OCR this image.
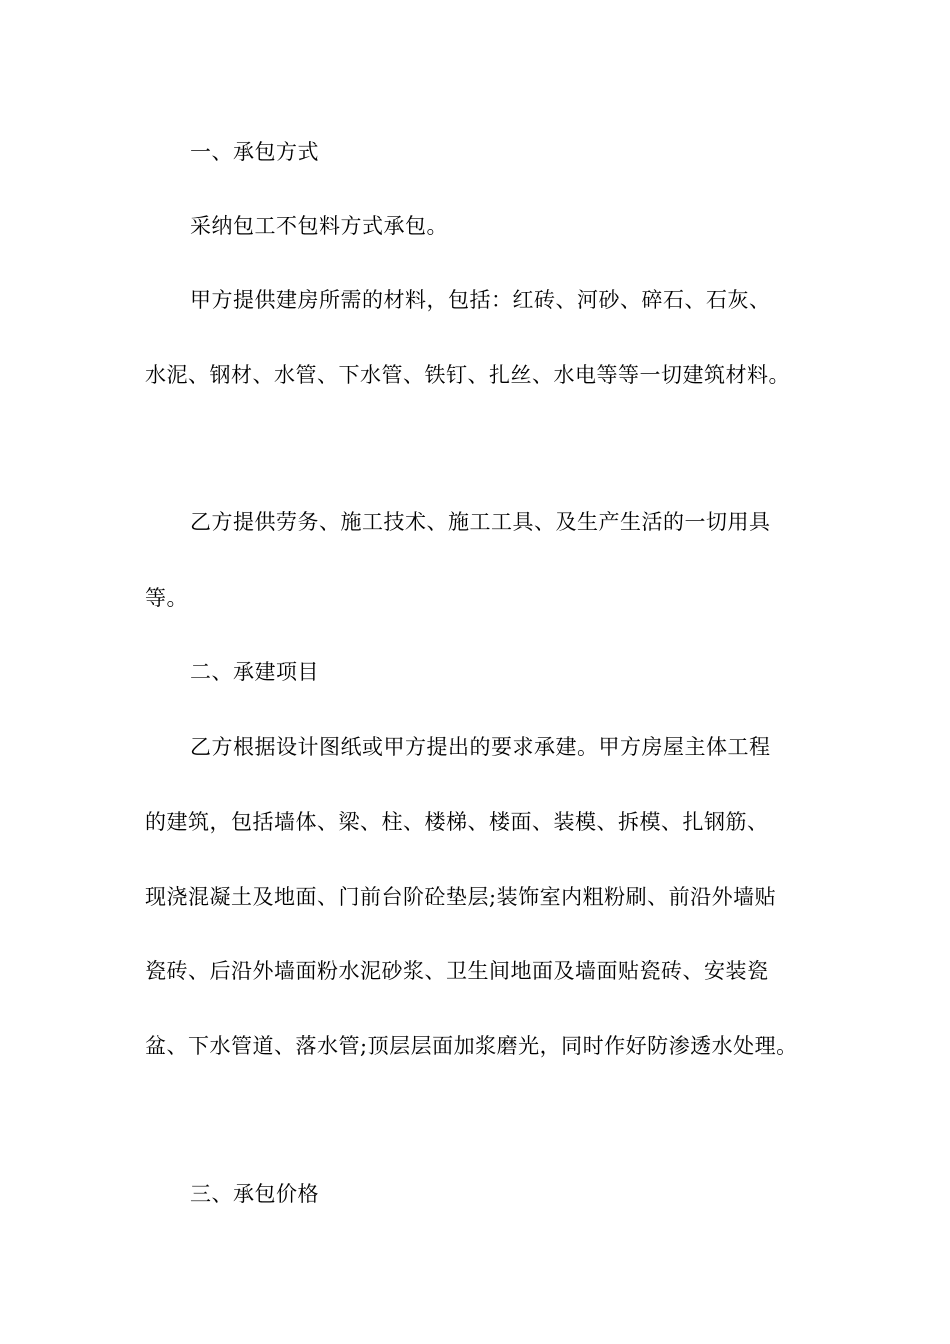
一、承包方式
采纳包工不包料方式承包。
甲方提供建房所需的材料，包括：红砖、河砂、碎石、石灰、
水泥、钢材、水管、下水管、铁钉、扎丝、水电等等一切建筑材料。
乙方提供劳务、施工技术、施工工具、及生产生活的一切用具
等。
二、承建项目
乙方根据设计图纸或甲方提出的要求承建。甲方房屋主体工程
的建筑，包括墙体、梁、柱、楼梯、楼面、装模、拆模、扎钢筋、
现浇混凝土及地面、门前台阶砼垫层;装饰室内粗粉刷、前沿外墙贴
瓷砖、后沿外墙面粉水泥砂浆、卫生间地面及墙面贴瓷砖、安装瓷
盆、下水管道、落水管;顶层层面加浆磨光，同时作好防渗透水处理。
三、承包价格
